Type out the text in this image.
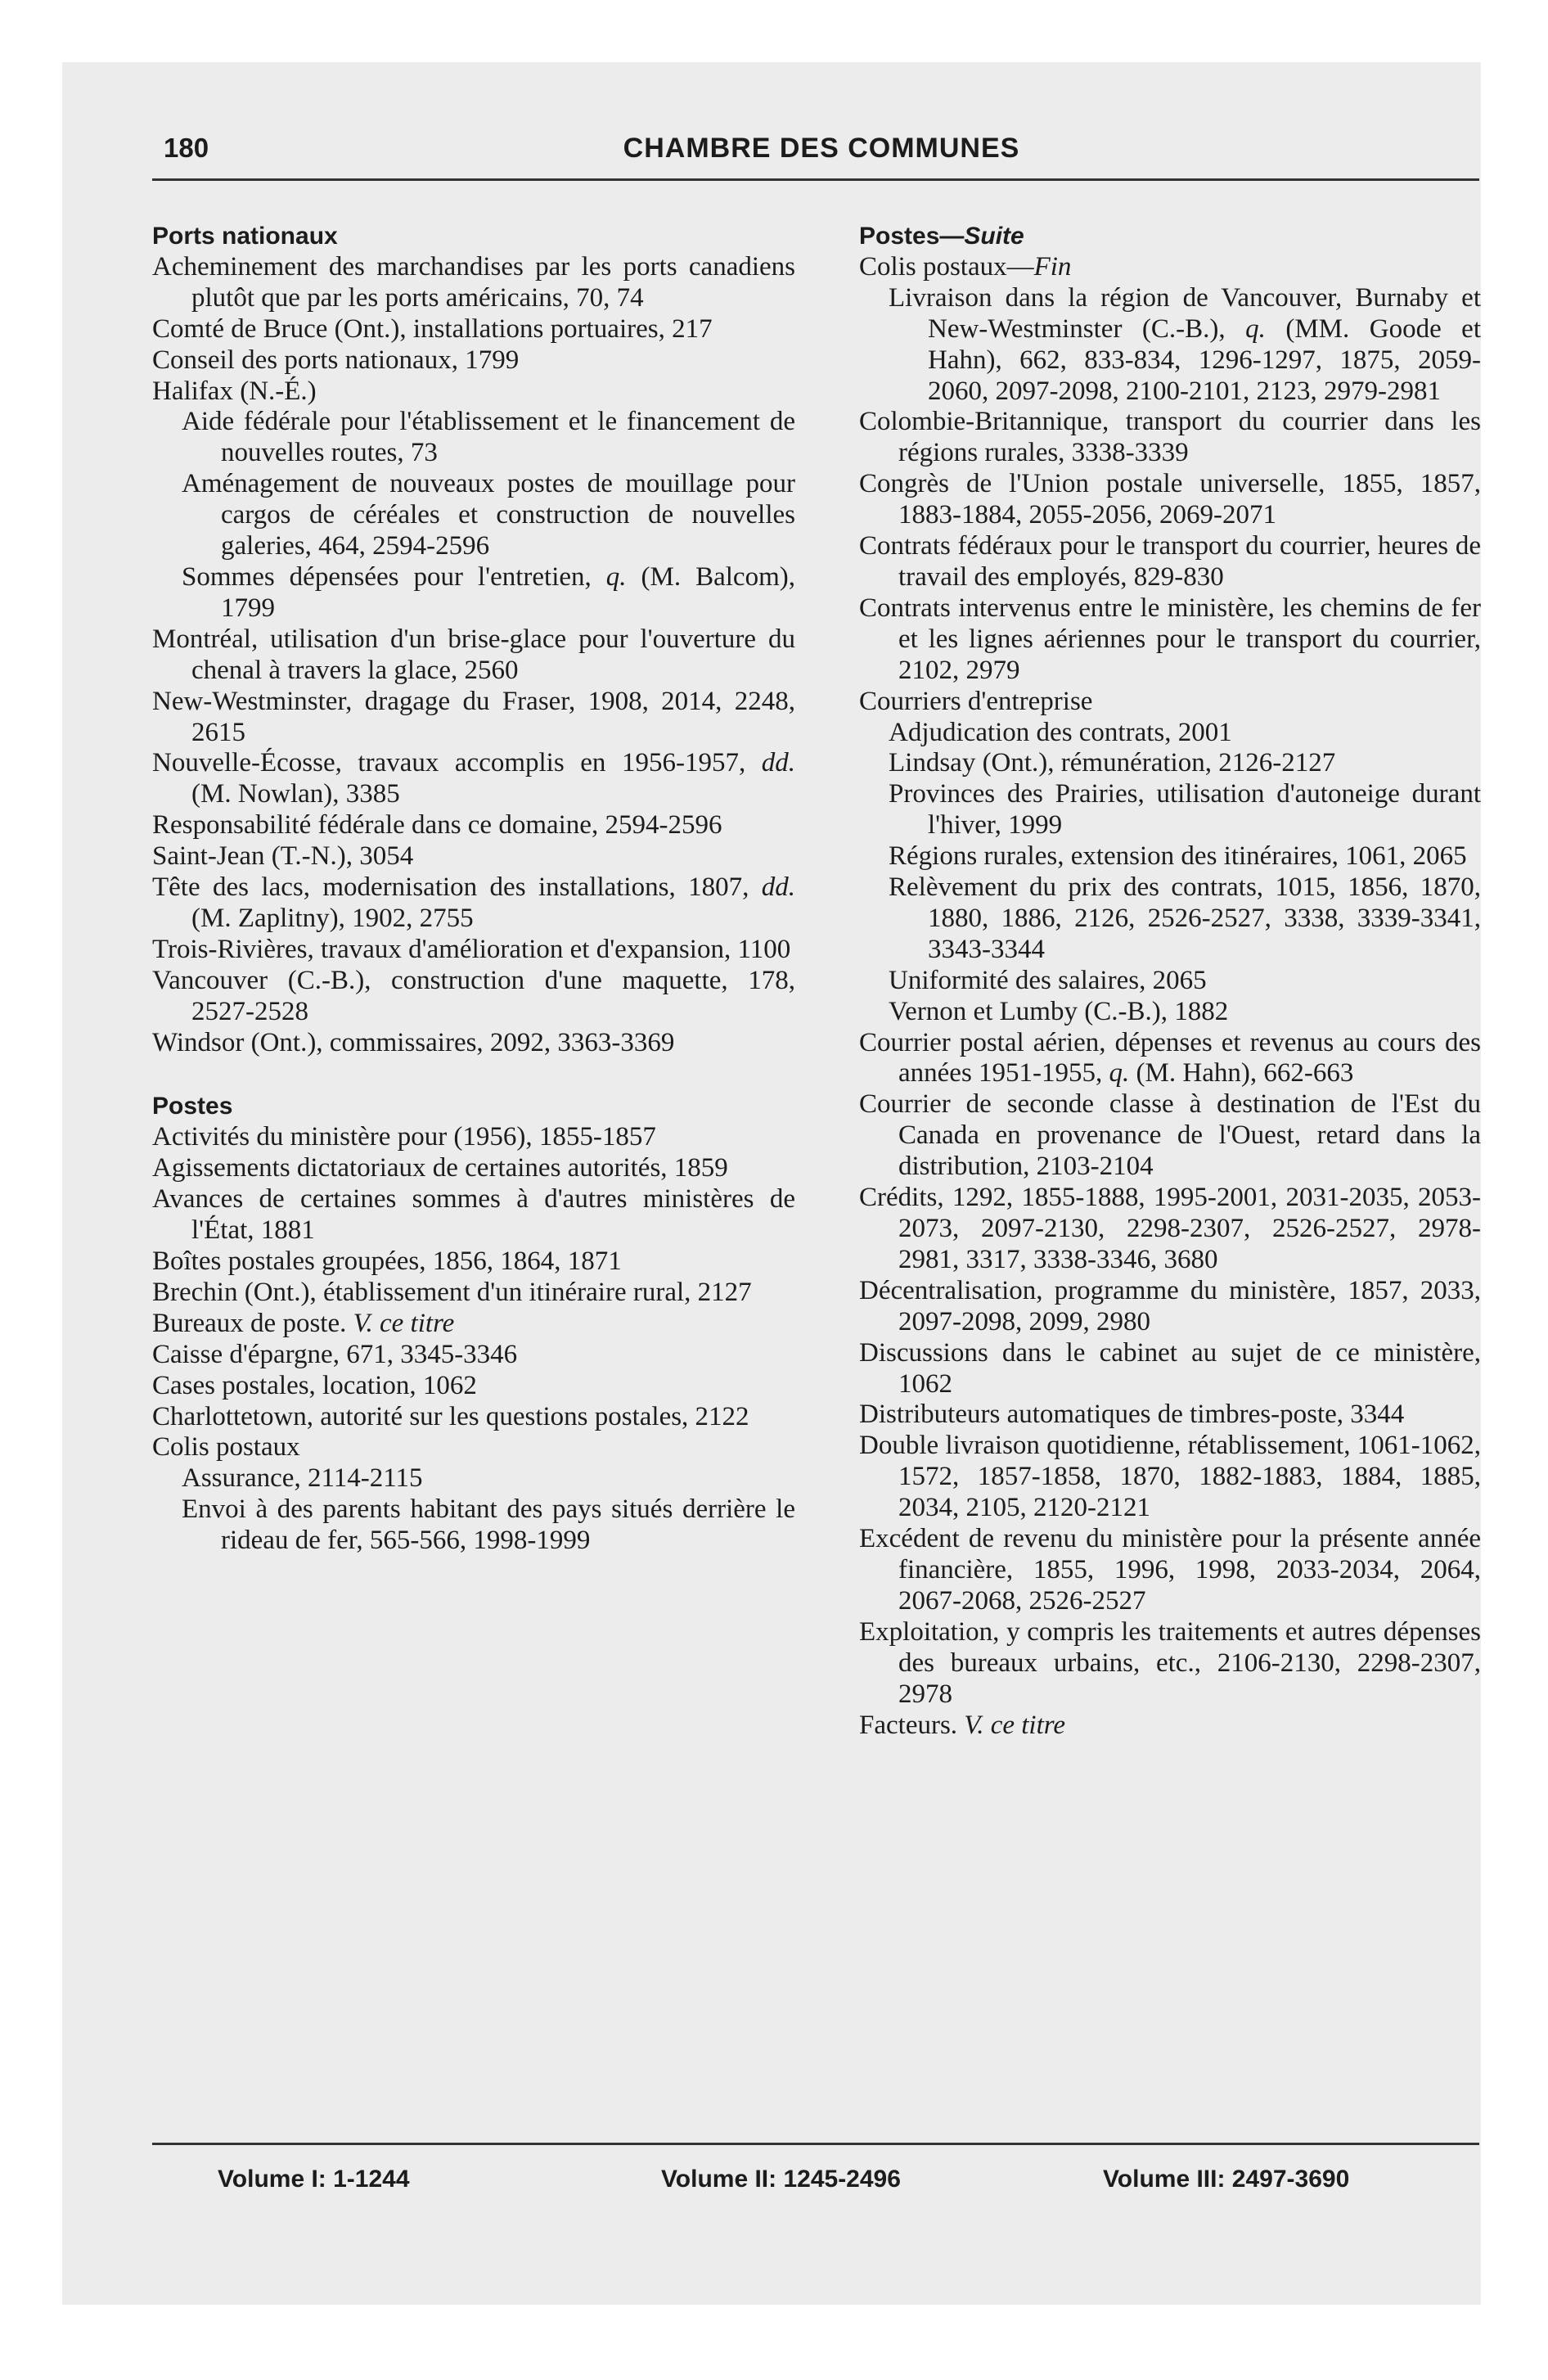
180	CHAMBRE DES COMMUNES
Ports nationaux
Acheminement des marchandises par les ports canadiens plutôt que par les ports américains, 70, 74
Comté de Bruce (Ont.), installations portuaires, 217
Conseil des ports nationaux, 1799
Halifax (N.-É.)
Aide fédérale pour l'établissement et le financement de nouvelles routes, 73
Aménagement de nouveaux postes de mouillage pour cargos de céréales et construction de nouvelles galeries, 464, 2594-2596
Sommes dépensées pour l'entretien, q. (M. Balcom), 1799
Montréal, utilisation d'un brise-glace pour l'ouverture du chenal à travers la glace, 2560
New-Westminster, dragage du Fraser, 1908, 2014, 2248, 2615
Nouvelle-Écosse, travaux accomplis en 1956-1957, dd. (M. Nowlan), 3385
Responsabilité fédérale dans ce domaine, 2594-2596
Saint-Jean (T.-N.), 3054
Tête des lacs, modernisation des installations, 1807, dd. (M. Zaplitny), 1902, 2755
Trois-Rivières, travaux d'amélioration et d'expansion, 1100
Vancouver (C.-B.), construction d'une maquette, 178, 2527-2528
Windsor (Ont.), commissaires, 2092, 3363-3369
Postes
Activités du ministère pour (1956), 1855-1857
Agissements dictatoriaux de certaines autorités, 1859
Avances de certaines sommes à d'autres ministères de l'État, 1881
Boîtes postales groupées, 1856, 1864, 1871
Brechin (Ont.), établissement d'un itinéraire rural, 2127
Bureaux de poste. V. ce titre
Caisse d'épargne, 671, 3345-3346
Cases postales, location, 1062
Charlottetown, autorité sur les questions postales, 2122
Colis postaux
Assurance, 2114-2115
Envoi à des parents habitant des pays situés derrière le rideau de fer, 565-566, 1998-1999
Postes—Suite
Colis postaux—Fin
Livraison dans la région de Vancouver, Burnaby et New-Westminster (C.-B.), q. (MM. Goode et Hahn), 662, 833-834, 1296-1297, 1875, 2059-2060, 2097-2098, 2100-2101, 2123, 2979-2981
Colombie-Britannique, transport du courrier dans les régions rurales, 3338-3339
Congrès de l'Union postale universelle, 1855, 1857, 1883-1884, 2055-2056, 2069-2071
Contrats fédéraux pour le transport du courrier, heures de travail des employés, 829-830
Contrats intervenus entre le ministère, les chemins de fer et les lignes aériennes pour le transport du courrier, 2102, 2979
Courriers d'entreprise
Adjudication des contrats, 2001
Lindsay (Ont.), rémunération, 2126-2127
Provinces des Prairies, utilisation d'autoneige durant l'hiver, 1999
Régions rurales, extension des itinéraires, 1061, 2065
Relèvement du prix des contrats, 1015, 1856, 1870, 1880, 1886, 2126, 2526-2527, 3338, 3339-3341, 3343-3344
Uniformité des salaires, 2065
Vernon et Lumby (C.-B.), 1882
Courrier postal aérien, dépenses et revenus au cours des années 1951-1955, q. (M. Hahn), 662-663
Courrier de seconde classe à destination de l'Est du Canada en provenance de l'Ouest, retard dans la distribution, 2103-2104
Crédits, 1292, 1855-1888, 1995-2001, 2031-2035, 2053-2073, 2097-2130, 2298-2307, 2526-2527, 2978-2981, 3317, 3338-3346, 3680
Décentralisation, programme du ministère, 1857, 2033, 2097-2098, 2099, 2980
Discussions dans le cabinet au sujet de ce ministère, 1062
Distributeurs automatiques de timbres-poste, 3344
Double livraison quotidienne, rétablissement, 1061-1062, 1572, 1857-1858, 1870, 1882-1883, 1884, 1885, 2034, 2105, 2120-2121
Excédent de revenu du ministère pour la présente année financière, 1855, 1996, 1998, 2033-2034, 2064, 2067-2068, 2526-2527
Exploitation, y compris les traitements et autres dépenses des bureaux urbains, etc., 2106-2130, 2298-2307, 2978
Facteurs. V. ce titre
Volume I: 1-1244	Volume II: 1245-2496	Volume III: 2497-3690
